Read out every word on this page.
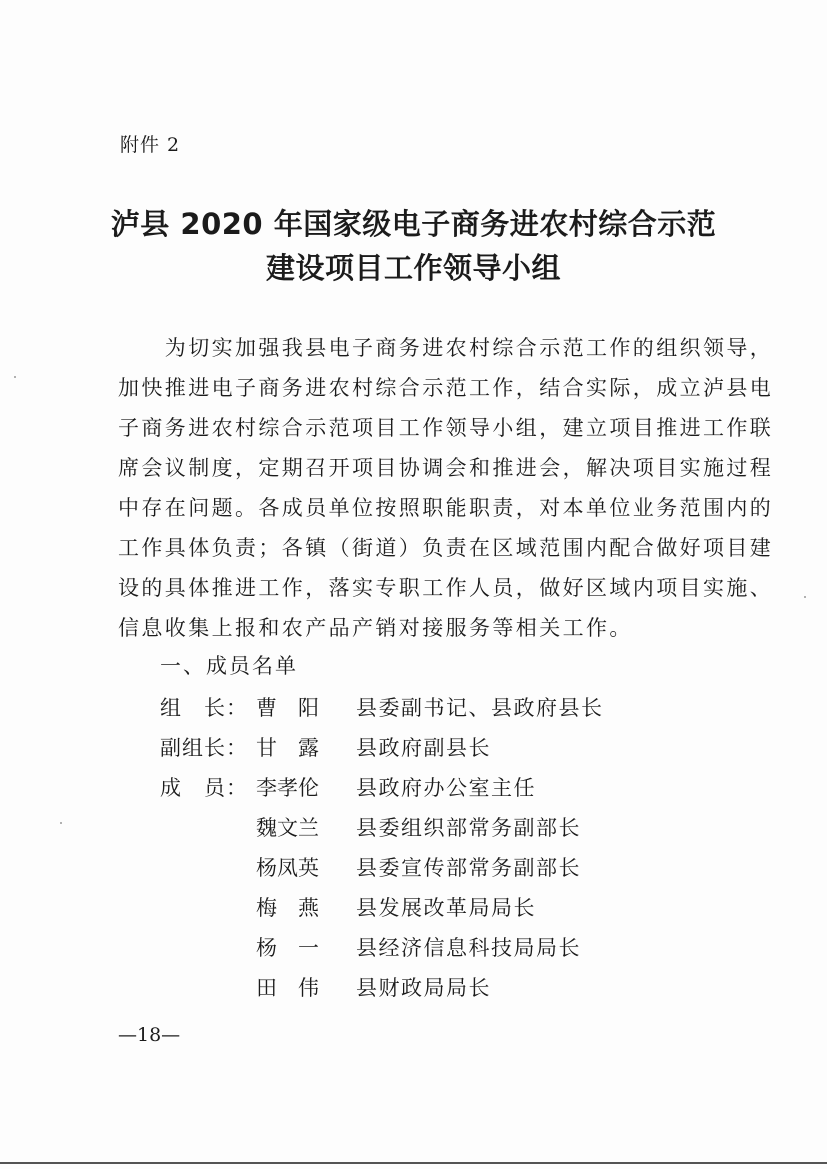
附件 2
泸县 2020 年国家级电子商务进农村综合示范
建设项目工作领导小组
　　为切实加强我县电子商务进农村综合示范工作的组织领导，
加快推进电子商务进农村综合示范工作，结合实际，成立泸县电
子商务进农村综合示范项目工作领导小组，建立项目推进工作联
席会议制度，定期召开项目协调会和推进会，解决项目实施过程
中存在问题。各成员单位按照职能职责，对本单位业务范围内的
工作具体负责；各镇（街道）负责在区域范围内配合做好项目建
设的具体推进工作，落实专职工作人员，做好区域内项目实施、
信息收集上报和农产品产销对接服务等相关工作。
一、成员名单
组　长： 曹　阳 县委副书记、县政府县长
副组长： 甘　露 县政府副县长
成　员： 李孝伦 县政府办公室主任
魏文兰 县委组织部常务副部长
杨凤英 县委宣传部常务副部长
梅　燕 县发展改革局局长
杨　一 县经济信息科技局局长
田　伟 县财政局局长
—18—
